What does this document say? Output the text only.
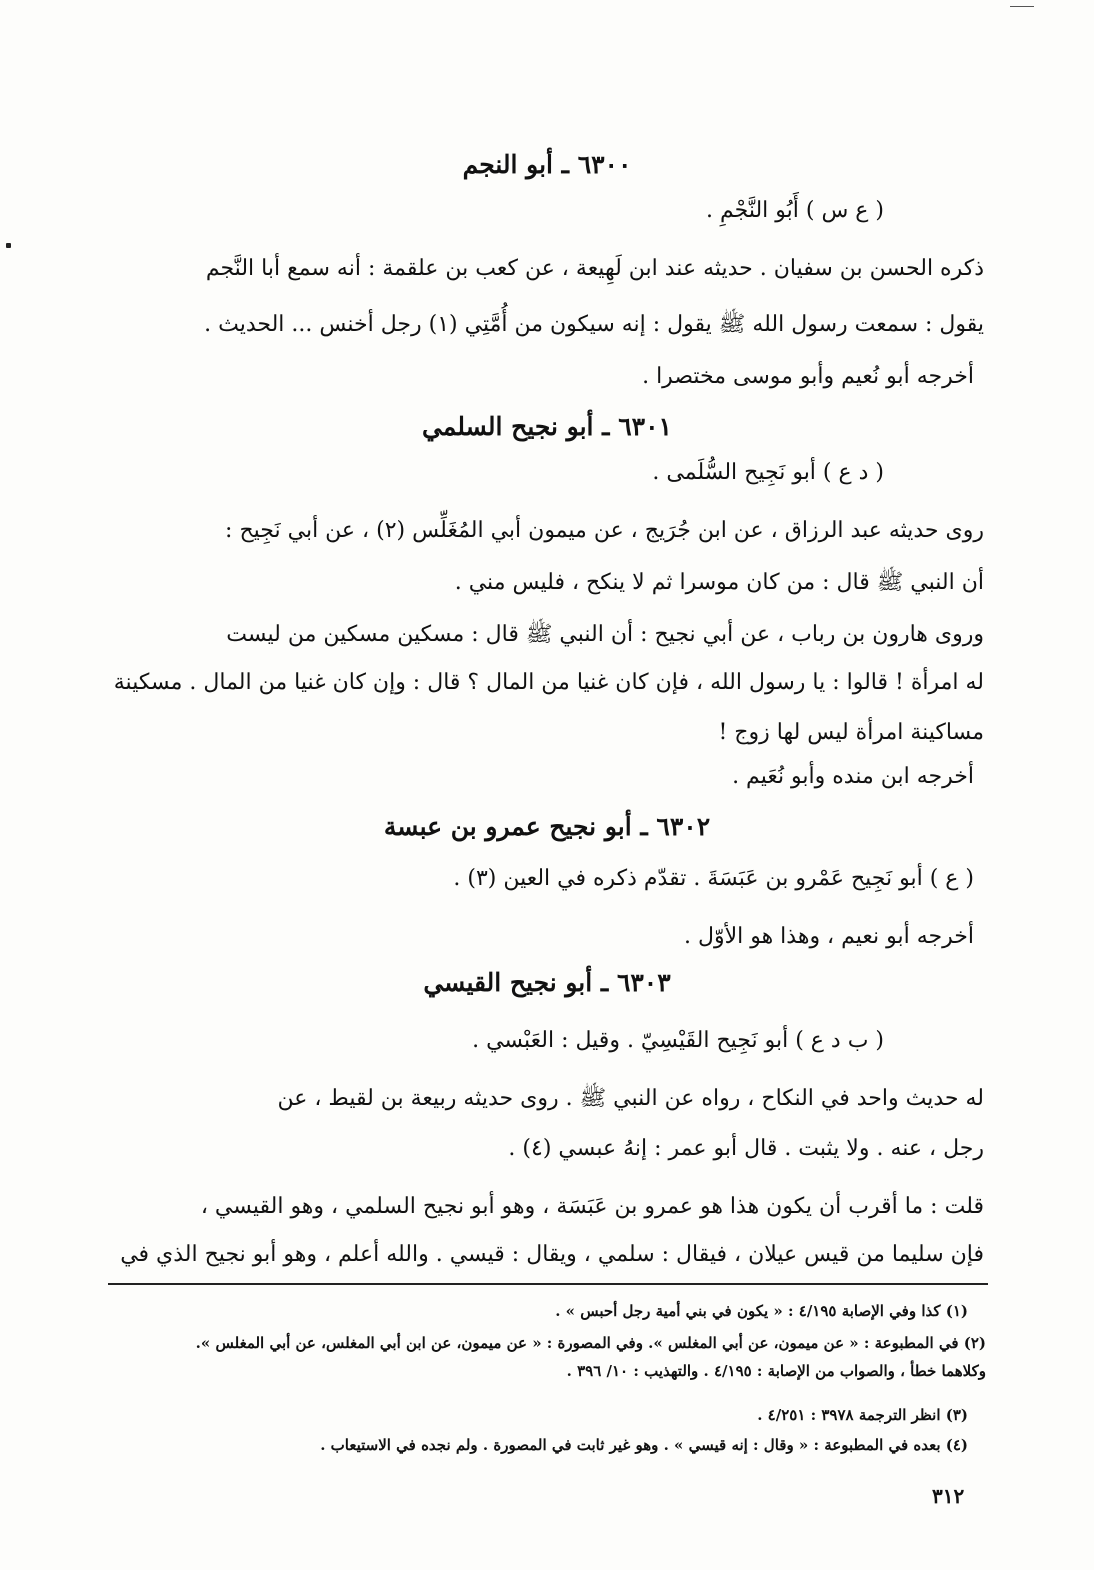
٦٣٠٠ ـ أبو النجم
( ع س ) أَبُو النَّجْمِ .
ذكره الحسن بن سفيان . حديثه عند ابن لَهِيعة ، عن كعب بن علقمة : أنه سمع أبا النَّجم
يقول : سمعت رسول الله ﷺ يقول : إنه سيكون من أُمَّتِي (١) رجل أخنس ... الحديث .
أخرجه أبو نُعيم وأبو موسى مختصرا .
٦٣٠١ ـ أبو نجيح السلمي
( د ع ) أبو نَجِيح السُّلَمى .
روى حديثه عبد الرزاق ، عن ابن جُرَيج ، عن ميمون أبي المُغَلِّس (٢) ، عن أبي نَجِيح :
أن النبي ﷺ قال : من كان موسرا ثم لا ينكح ، فليس مني .
وروى هارون بن رباب ، عن أبي نجيح : أن النبي ﷺ قال : مسكين مسكين من ليست
له امرأة ! قالوا : يا رسول الله ، فإن كان غنيا من المال ؟ قال : وإن كان غنيا من المال . مسكينة
مساكينة امرأة ليس لها زوج !
أخرجه ابن منده وأبو نُعَيم .
٦٣٠٢ ـ أبو نجيح عمرو بن عبسة
( ع ) أبو نَجِيح عَمْرو بن عَبَسَةَ . تقدّم ذكره في العين (٣) .
أخرجه أبو نعيم ، وهذا هو الأوّل .
٦٣٠٣ ـ أبو نجيح القيسي
( ب د ع ) أبو نَجِيح القَيْسِيّ . وقيل : العَبْسي .
له حديث واحد في النكاح ، رواه عن النبي ﷺ . روى حديثه ربيعة بن لقيط ، عن
رجل ، عنه . ولا يثبت . قال أبو عمر : إنهُ عبسي (٤) .
قلت : ما أقرب أن يكون هذا هو عمرو بن عَبَسَة ، وهو أبو نجيح السلمي ، وهو القيسي ،
فإن سليما من قيس عيلان ، فيقال : سلمي ، ويقال : قيسي . والله أعلم ، وهو أبو نجيح الذي في
(١) كذا وفي الإصابة ٤/١٩٥ : « يكون في بني أمية رجل أحبس » .
(٢) في المطبوعة : « عن ميمون، عن أبي المغلس ». وفي المصورة : « عن ميمون، عن ابن أبي المغلس، عن أبي المغلس ».
وكلاهما خطأ ، والصواب من الإصابة : ٤/١٩٥ . والتهذيب : ١٠/ ٣٩٦ .
(٣) انظر الترجمة ٣٩٧٨ : ٤/٢٥١ .
(٤) بعده في المطبوعة : « وقال : إنه قيسي » . وهو غير ثابت في المصورة . ولم نجده في الاستيعاب .
٣١٢
